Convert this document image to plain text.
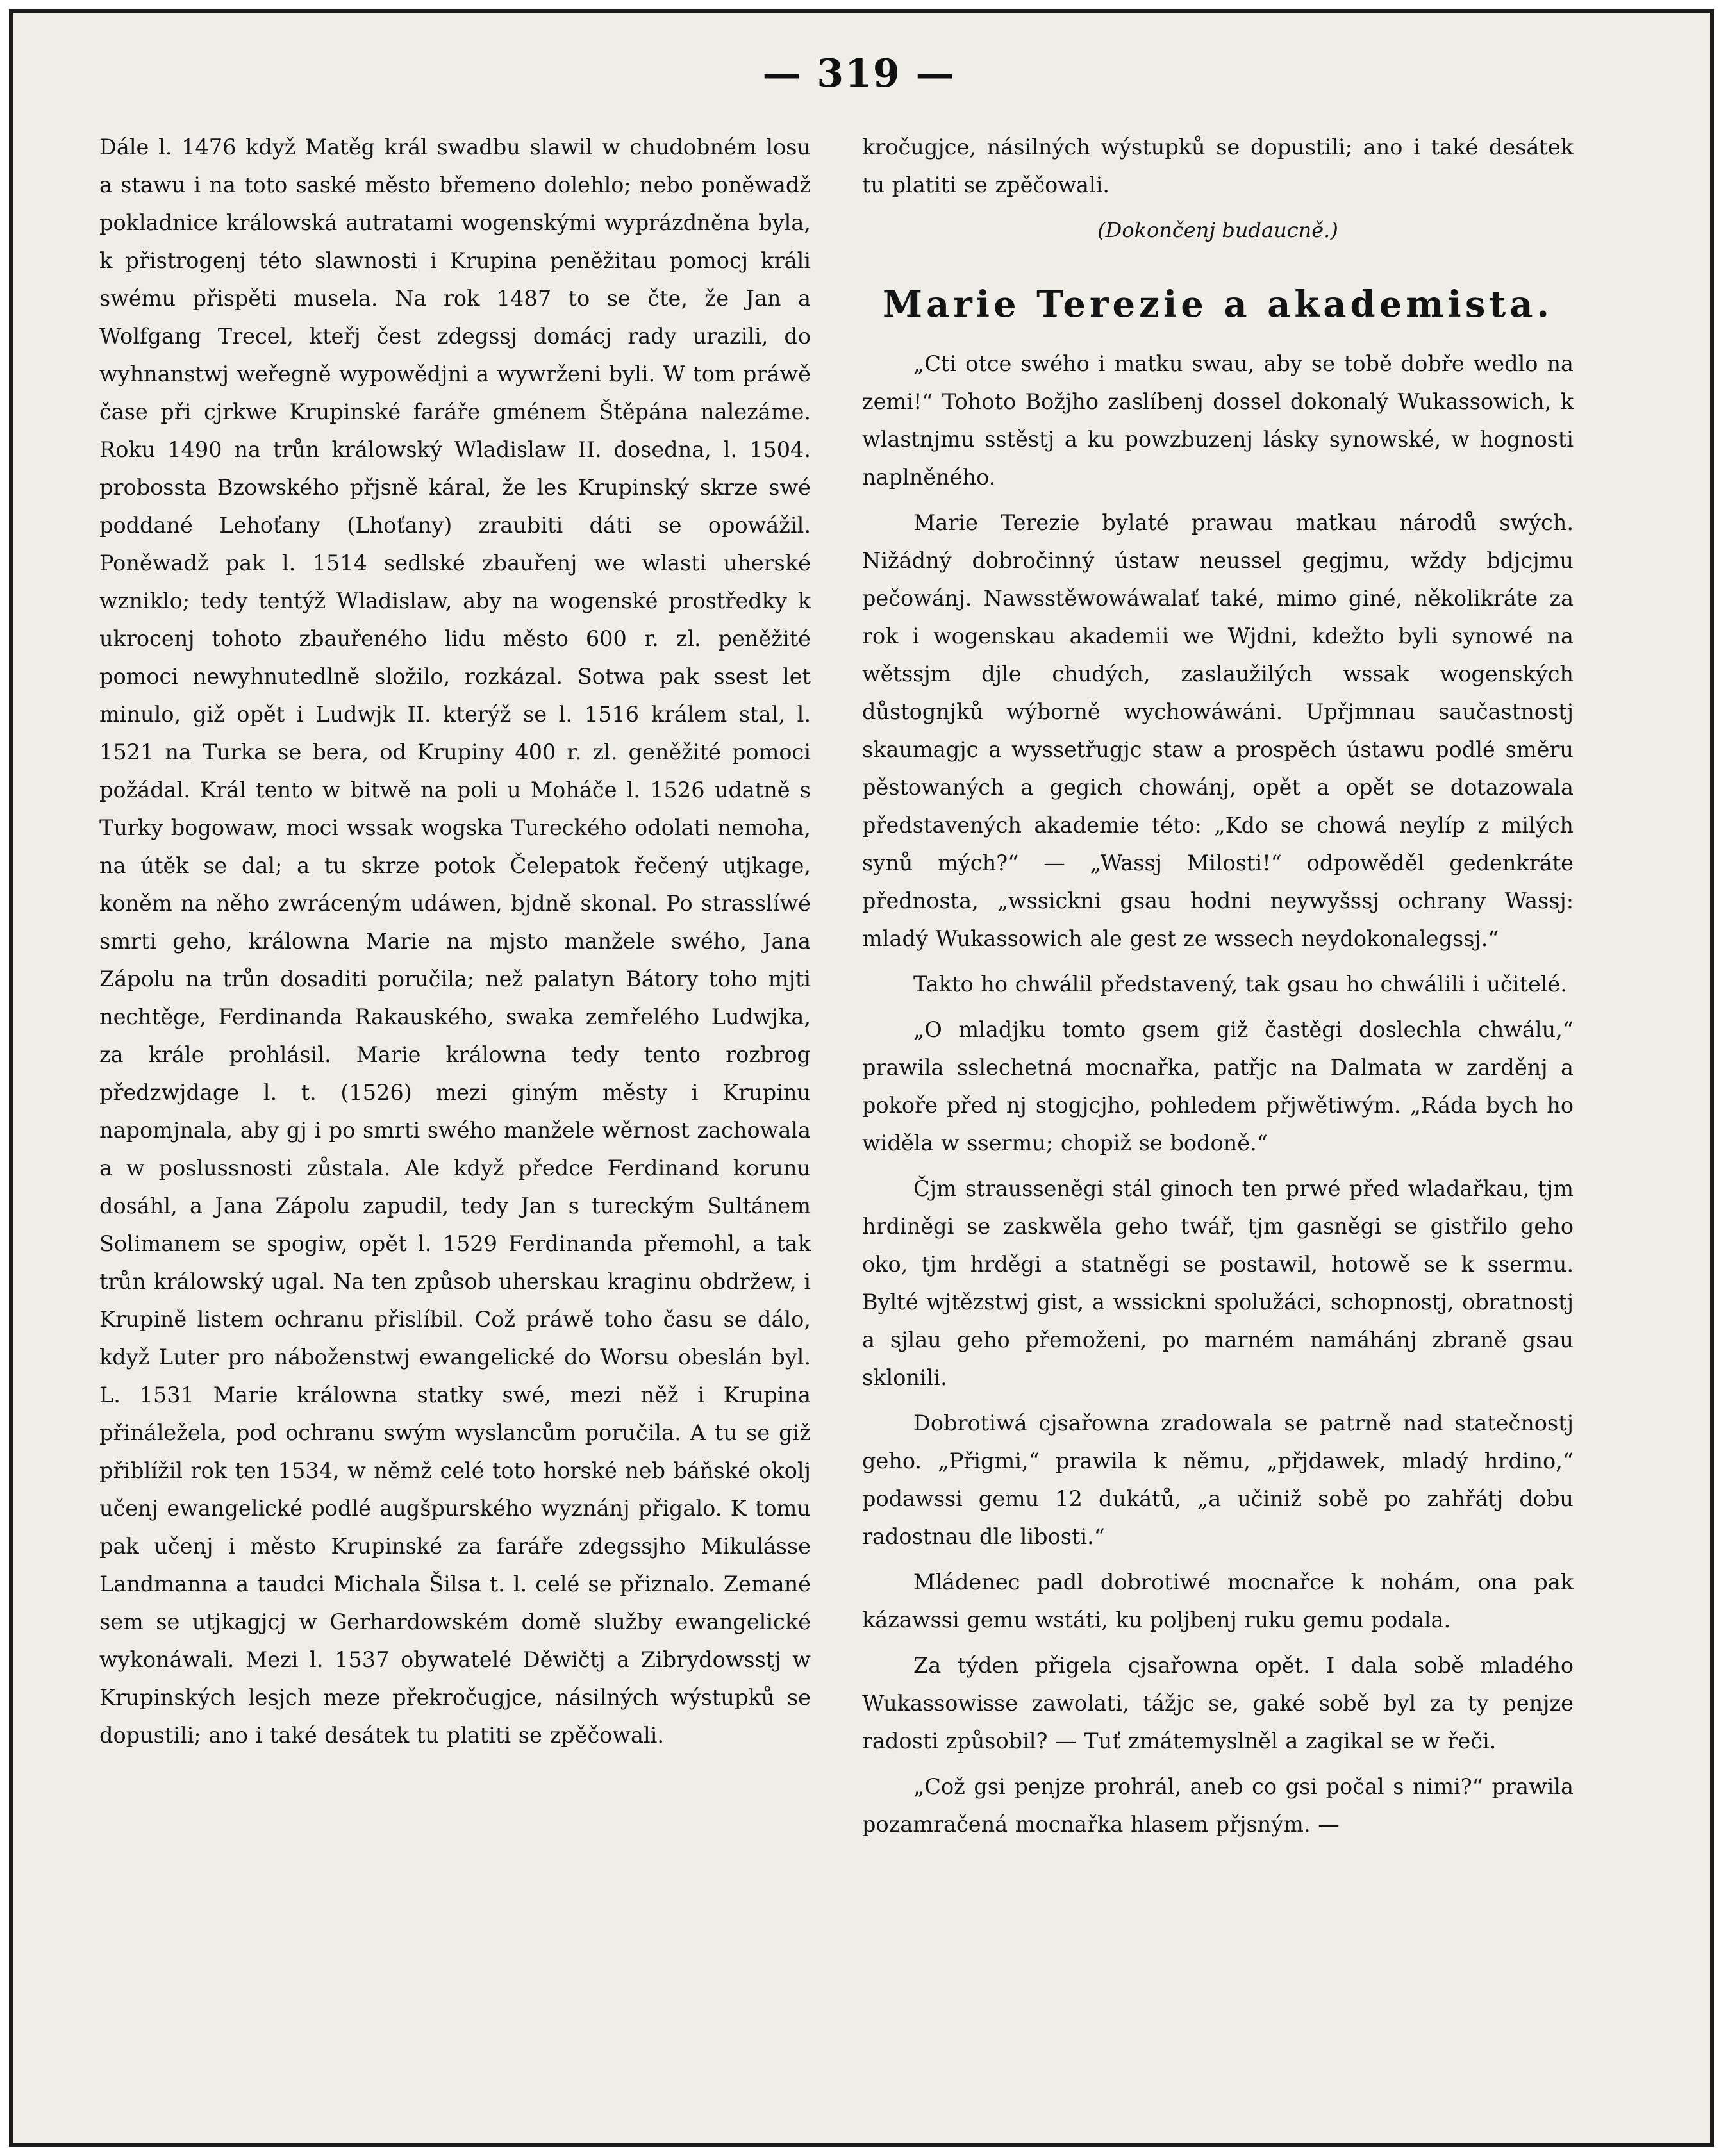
— 319 —

Dále l. 1476 když Matěg král swadbu slawil w chudobném losu a stawu i na toto saské město břemeno dolehlo; nebo poněwadž pokladnice králowská autratami wogenskými wyprázdněna byla, k přistrogenj této slawnosti i Krupina peněžitau pomocj králi swému přispěti musela. Na rok 1487 to se čte, že Jan a Wolfgang Trecel, kteřj čest zdegssj domácj rady urazili, do wyhnanstwj weřegně wypowědjni a wywrženi byli. W tom práwě čase při cjrkwe Krupinské faráře gménem Štěpána nalezáme. Roku 1490 na trůn králowský Wladislaw II. dosedna, l. 1504. probossta Bzowského přjsně káral, že les Krupinský skrze swé poddané Lehoťany (Lhoťany) zraubiti dáti se opowážil. Poněwadž pak l. 1514 sedlské zbauřenj we wlasti uherské wzniklo; tedy tentýž Wladislaw, aby na wogenské prostředky k ukrocenj tohoto zbauřeného lidu město 600 r. zl. peněžité pomoci newyhnutedlně složilo, rozkázal. Sotwa pak ssest let minulo, giž opět i Ludwjk II. kterýž se l. 1516 králem stal, l. 1521 na Turka se bera, od Krupiny 400 r. zl. geněžité pomoci požádal. Král tento w bitwě na poli u Moháče l. 1526 udatně s Turky bogowaw, moci wssak wogska Tureckého odolati nemoha, na útěk se dal; a tu skrze potok Čelepatok řečený utjkage, koněm na něho zwráceným udáwen, bjdně skonal. Po strasslíwé smrti geho, králowna Marie na mjsto manžele swého, Jana Zápolu na trůn dosaditi poručila; než palatyn Bátory toho mjti nechtěge, Ferdinanda Rakauského, swaka zemřelého Ludwjka, za krále prohlásil. Marie králowna tedy tento rozbrog předzwjdage l. t. (1526) mezi giným městy i Krupinu napomjnala, aby gj i po smrti swého manžele wěrnost zachowala a w poslussnosti zůstala. Ale když předce Ferdinand korunu dosáhl, a Jana Zápolu zapudil, tedy Jan s tureckým Sultánem Solimanem se spogiw, opět l. 1529 Ferdinanda přemohl, a tak trůn králowský ugal. Na ten způsob uherskau kraginu obdržew, i Krupině listem ochranu přislíbil. Což práwě toho času se dálo, když Luter pro náboženstwj ewangelické do Worsu obeslán byl. L. 1531 Marie králowna statky swé, mezi něž i Krupina přináležela, pod ochranu swým wyslancům poručila. A tu se giž přiblížil rok ten 1534, w němž celé toto horské neb báňské okolj učenj ewangelické podlé augšpurského wyznánj přigalo. K tomu pak učenj i město Krupinské za faráře zdegssjho Mikulásse Landmanna a taudci Michala Šilsa t. l. celé se přiznalo. Zemané sem se utjkagjcj w Gerhardowském domě služby ewangelické wykonáwali. Mezi l. 1537 obywatelé Děwičtj a Zibrydowsstj w Krupinských lesjch meze překročugjce, násilných wýstupků se dopustili; ano i také desátek tu platiti se zpěčowali.

kročugjce, násilných wýstupků se dopustili; ano i také desátek tu platiti se zpěčowali.

(Dokončenj budaucně.)
Marie Terezie a akademista.

„Cti otce swého i matku swau, aby se tobě dobře wedlo na zemi!“ Tohoto Božjho zaslíbenj dossel dokonalý Wukassowich, k wlastnjmu sstěstj a ku powzbuzenj lásky synowské, w hognosti naplněného.

Marie Terezie bylaté prawau matkau národů swých. Nižádný dobročinný ústaw neussel gegjmu, wždy bdjcjmu pečowánj. Nawsstěwowáwalať také, mimo giné, několikráte za rok i wogenskau akademii we Wjdni, kdežto byli synowé na wětssjm djle chudých, zaslaužilých wssak wogenských důstognjků wýborně wychowáwáni. Upřjmnau saučastnostj skaumagjc a wyssetřugjc staw a prospěch ústawu podlé směru pěstowaných a gegich chowánj, opět a opět se dotazowala představených akademie této: „Kdo se chowá neylíp z milých synů mých?“ — „Wassj Milosti!“ odpowěděl gedenkráte přednosta, „wssickni gsau hodni neywyšssj ochrany Wassj: mladý Wukassowich ale gest ze wssech neydokonalegssj.“

Takto ho chwálil představený, tak gsau ho chwálili i učitelé.

„O mladjku tomto gsem giž častěgi doslechla chwálu,“ prawila sslechetná mocnařka, patřjc na Dalmata w zarděnj a pokoře před nj stogjcjho, pohledem přjwětiwým. „Ráda bych ho widěla w ssermu; chopiž se bodoně.“

Čjm strausseněgi stál ginoch ten prwé před wladařkau, tjm hrdiněgi se zaskwěla geho twář, tjm gasněgi se gistřilo geho oko, tjm hrděgi a statněgi se postawil, hotowě se k ssermu. Bylté wjtězstwj gist, a wssickni spolužáci, schopnostj, obratnostj a sjlau geho přemoženi, po marném namáhánj zbraně gsau sklonili.

Dobrotiwá cjsařowna zradowala se patrně nad statečnostj geho. „Přigmi,“ prawila k němu, „přjdawek, mladý hrdino,“ podawssi gemu 12 dukátů, „a učiniž sobě po zahřátj dobu radostnau dle libosti.“

Mládenec padl dobrotiwé mocnařce k nohám, ona pak kázawssi gemu wstáti, ku poljbenj ruku gemu podala.

Za týden přigela cjsařowna opět. I dala sobě mladého Wukassowisse zawolati, tážjc se, gaké sobě byl za ty penjze radosti způsobil? — Tuť zmátemyslněl a zagikal se w řeči.

„Což gsi penjze prohrál, aneb co gsi počal s nimi?“ prawila pozamračená mocnařka hlasem přjsným. —
